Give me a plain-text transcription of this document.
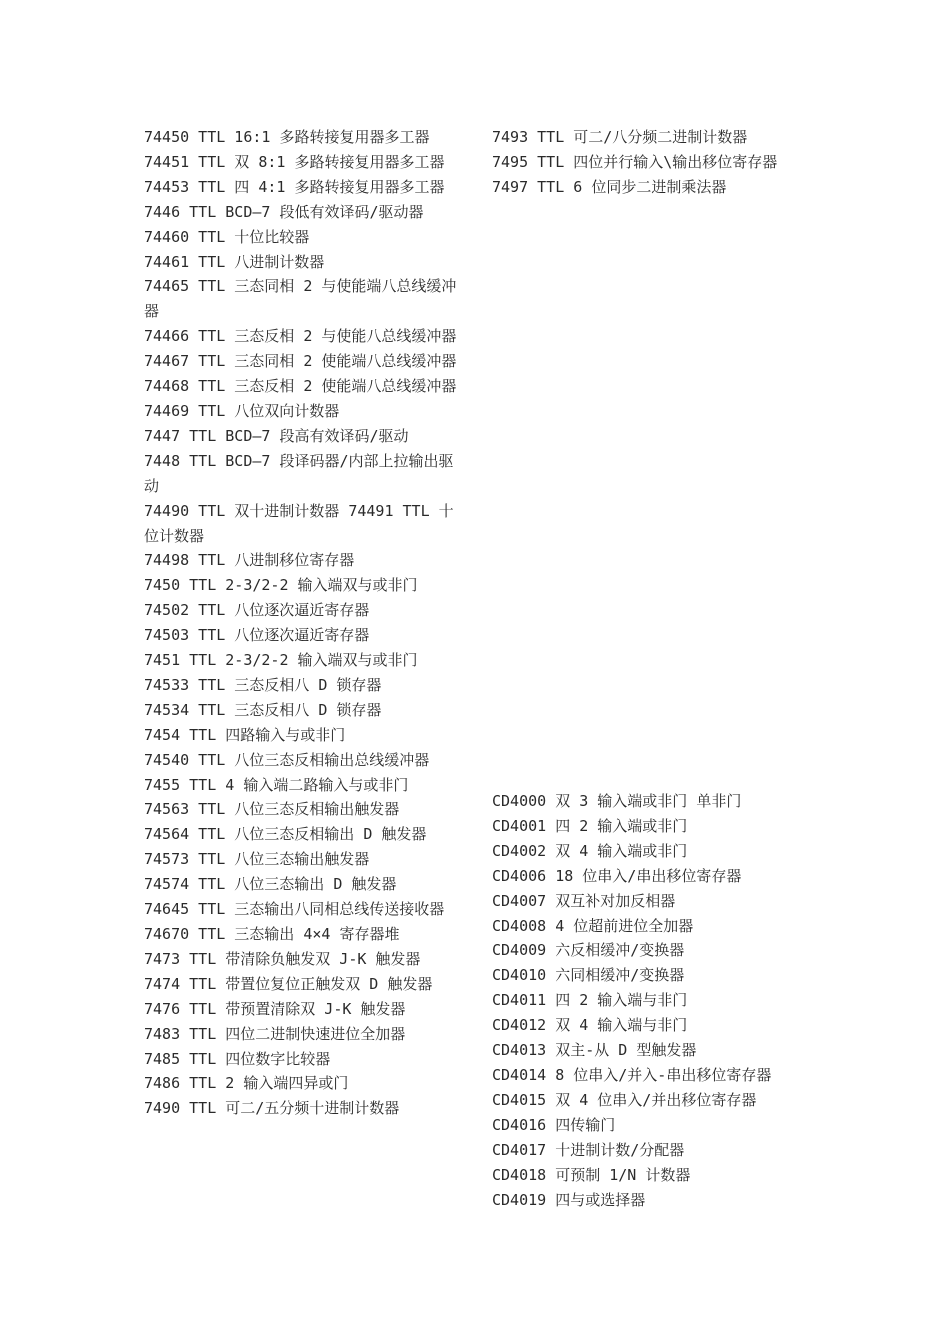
74450 TTL 16:1 多路转接复用器多工器
74451 TTL 双 8:1 多路转接复用器多工器
74453 TTL 四 4:1 多路转接复用器多工器
7446 TTL BCD—7 段低有效译码/驱动器
74460 TTL 十位比较器
74461 TTL 八进制计数器
74465 TTL 三态同相 2 与使能端八总线缓冲器
74466 TTL 三态反相 2 与使能八总线缓冲器
74467 TTL 三态同相 2 使能端八总线缓冲器
74468 TTL 三态反相 2 使能端八总线缓冲器
74469 TTL 八位双向计数器
7447 TTL BCD—7 段高有效译码/驱动
7448 TTL BCD—7 段译码器/内部上拉输出驱动
74490 TTL 双十进制计数器 74491 TTL 十位计数器
74498 TTL 八进制移位寄存器
7450 TTL 2-3/2-2 输入端双与或非门
74502 TTL 八位逐次逼近寄存器
74503 TTL 八位逐次逼近寄存器
7451 TTL 2-3/2-2 输入端双与或非门
74533 TTL 三态反相八 D 锁存器
74534 TTL 三态反相八 D 锁存器
7454 TTL 四路输入与或非门
74540 TTL 八位三态反相输出总线缓冲器
7455 TTL 4 输入端二路输入与或非门
74563 TTL 八位三态反相输出触发器
74564 TTL 八位三态反相输出 D 触发器
74573 TTL 八位三态输出触发器
74574 TTL 八位三态输出 D 触发器
74645 TTL 三态输出八同相总线传送接收器
74670 TTL 三态输出 4×4 寄存器堆
7473 TTL 带清除负触发双 J-K 触发器
7474 TTL 带置位复位正触发双 D 触发器
7476 TTL 带预置清除双 J-K 触发器
7483 TTL 四位二进制快速进位全加器
7485 TTL 四位数字比较器
7486 TTL 2 输入端四异或门
7490 TTL 可二/五分频十进制计数器
7493 TTL 可二/八分频二进制计数器
7495 TTL 四位并行输入\输出移位寄存器
7497 TTL 6 位同步二进制乘法器
CD4000 双 3 输入端或非门 单非门
CD4001 四 2 输入端或非门
CD4002 双 4 输入端或非门
CD4006 18 位串入/串出移位寄存器
CD4007 双互补对加反相器
CD4008 4 位超前进位全加器
CD4009 六反相缓冲/变换器
CD4010 六同相缓冲/变换器
CD4011 四 2 输入端与非门
CD4012 双 4 输入端与非门
CD4013 双主-从 D 型触发器
CD4014 8 位串入/并入-串出移位寄存器
CD4015 双 4 位串入/并出移位寄存器
CD4016 四传输门
CD4017 十进制计数/分配器
CD4018 可预制 1/N 计数器
CD4019 四与或选择器
